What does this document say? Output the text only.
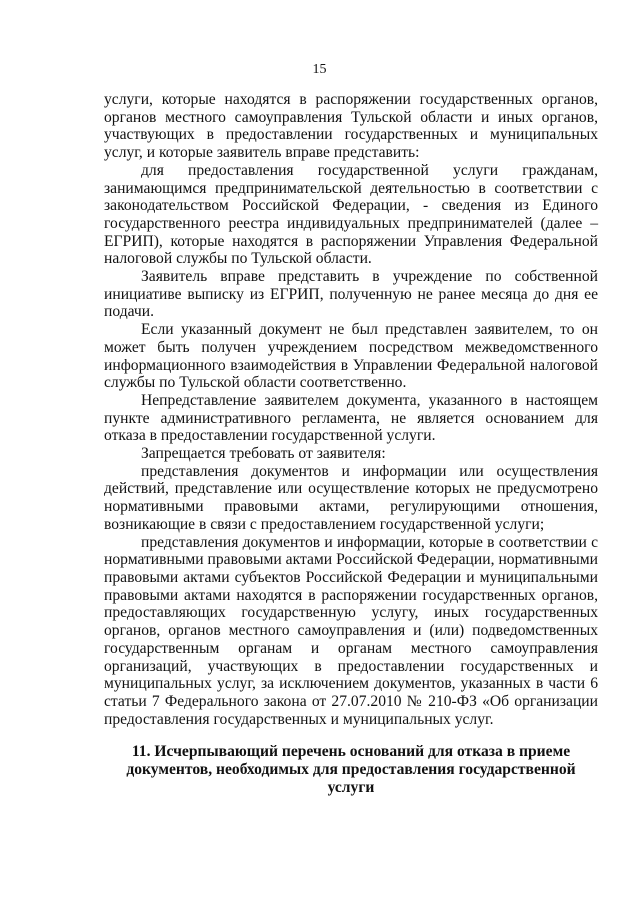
15

услуги, которые находятся в распоряжении государственных органов, органов местного самоуправления Тульской области и иных органов, участвующих в предоставлении государственных и муниципальных услуг, и которые заявитель вправе представить:

для предоставления государственной услуги гражданам, занимающимся предпринимательской деятельностью в соответствии с законодательством Российской Федерации, - сведения из Единого государственного реестра индивидуальных предпринимателей (далее – ЕГРИП), которые находятся в распоряжении Управления Федеральной налоговой службы по Тульской области.

Заявитель вправе представить в учреждение по собственной инициативе выписку из ЕГРИП, полученную не ранее месяца до дня ее подачи.

Если указанный документ не был представлен заявителем, то он может быть получен учреждением посредством межведомственного информационного взаимодействия в Управлении Федеральной налоговой службы по Тульской области соответственно.

Непредставление заявителем документа, указанного в настоящем пункте административного регламента, не является основанием для отказа в предоставлении государственной услуги.

Запрещается требовать от заявителя:

представления документов и информации или осуществления действий, представление или осуществление которых не предусмотрено нормативными правовыми актами, регулирующими отношения, возникающие в связи с предоставлением государственной услуги;

представления документов и информации, которые в соответствии с нормативными правовыми актами Российской Федерации, нормативными правовыми актами субъектов Российской Федерации и муниципальными правовыми актами находятся в распоряжении государственных органов, предоставляющих государственную услугу, иных государственных органов, органов местного самоуправления и (или) подведомственных государственным органам и органам местного самоуправления организаций, участвующих в предоставлении государственных и муниципальных услуг, за исключением документов, указанных в части 6 статьи 7 Федерального закона от 27.07.2010 № 210-ФЗ «Об организации предоставления государственных и муниципальных услуг.

11. Исчерпывающий перечень оснований для отказа в приеме
документов, необходимых для предоставления государственной услуги
